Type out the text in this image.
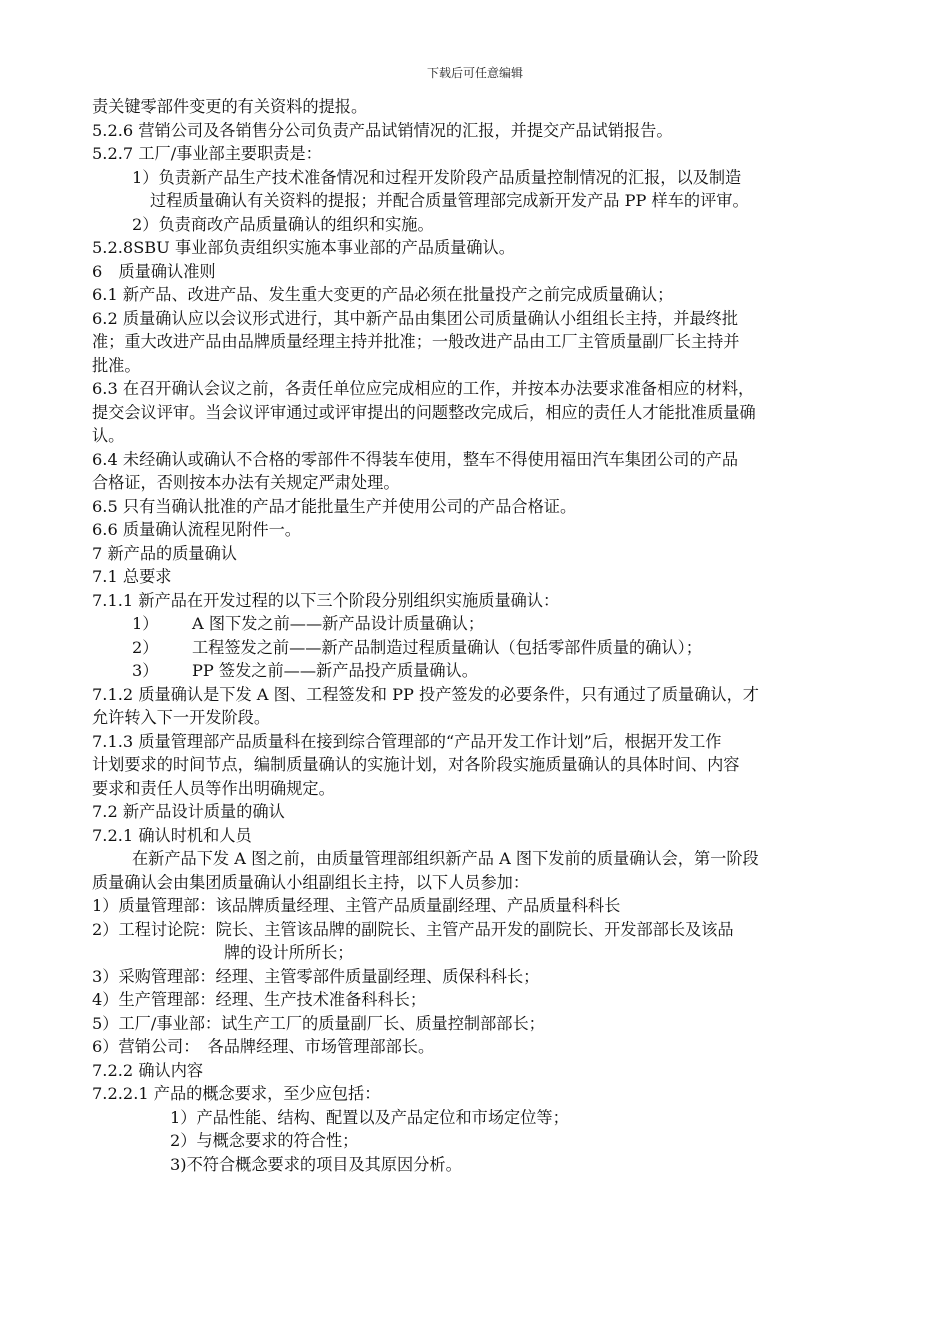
下载后可任意编辑
责关键零部件变更的有关资料的提报。
5.2.6 营销公司及各销售分公司负责产品试销情况的汇报，并提交产品试销报告。
5.2.7 工厂/事业部主要职责是：
1）负责新产品生产技术准备情况和过程开发阶段产品质量控制情况的汇报，以及制造
过程质量确认有关资料的提报；并配合质量管理部完成新开发产品 PP 样车的评审。
2）负责商改产品质量确认的组织和实施。
5.2.8SBU 事业部负责组织实施本事业部的产品质量确认。
6　质量确认准则
6.1 新产品、改进产品、发生重大变更的产品必须在批量投产之前完成质量确认；
6.2 质量确认应以会议形式进行，其中新产品由集团公司质量确认小组组长主持，并最终批
准；重大改进产品由品牌质量经理主持并批准；一般改进产品由工厂主管质量副厂长主持并
批准。
6.3 在召开确认会议之前，各责任单位应完成相应的工作，并按本办法要求准备相应的材料，
提交会议评审。当会议评审通过或评审提出的问题整改完成后，相应的责任人才能批准质量确
认。
6.4 未经确认或确认不合格的零部件不得装车使用，整车不得使用福田汽车集团公司的产品
合格证，否则按本办法有关规定严肃处理。
6.5 只有当确认批准的产品才能批量生产并使用公司的产品合格证。
6.6 质量确认流程见附件一。
7 新产品的质量确认
7.1 总要求
7.1.1 新产品在开发过程的以下三个阶段分别组织实施质量确认：
1） A 图下发之前——新产品设计质量确认；
2） 工程签发之前——新产品制造过程质量确认（包括零部件质量的确认）；
3） PP 签发之前——新产品投产质量确认。
7.1.2 质量确认是下发 A 图、工程签发和 PP 投产签发的必要条件，只有通过了质量确认，才
允许转入下一开发阶段。
7.1.3 质量管理部产品质量科在接到综合管理部的“产品开发工作计划”后，根据开发工作
计划要求的时间节点，编制质量确认的实施计划，对各阶段实施质量确认的具体时间、内容
要求和责任人员等作出明确规定。
7.2 新产品设计质量的确认
7.2.1 确认时机和人员
在新产品下发 A 图之前，由质量管理部组织新产品 A 图下发前的质量确认会，第一阶段
质量确认会由集团质量确认小组副组长主持，以下人员参加：
1）质量管理部：该品牌质量经理、主管产品质量副经理、产品质量科科长
2）工程讨论院：院长、主管该品牌的副院长、主管产品开发的副院长、开发部部长及该品
牌的设计所所长；
3）采购管理部：经理、主管零部件质量副经理、质保科科长；
4）生产管理部：经理、生产技术准备科科长；
5）工厂/事业部：试生产工厂的质量副厂长、质量控制部部长；
6）营销公司：　各品牌经理、市场管理部部长。
7.2.2 确认内容
7.2.2.1 产品的概念要求，至少应包括：
1）产品性能、结构、配置以及产品定位和市场定位等；
2）与概念要求的符合性；
3)不符合概念要求的项目及其原因分析。
